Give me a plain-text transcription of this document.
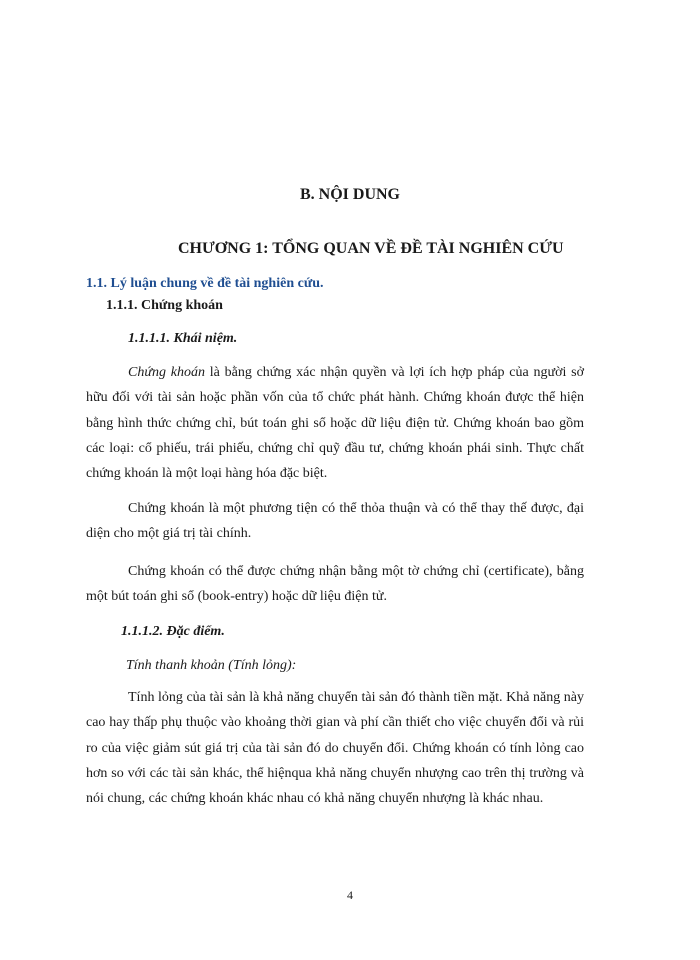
B. NỘI DUNG
CHƯƠNG 1: TỔNG QUAN VỀ ĐỀ TÀI NGHIÊN CỨU
1.1. Lý luận chung về đề tài nghiên cứu.
1.1.1. Chứng khoán
1.1.1.1. Khái niệm.
Chứng khoán là bằng chứng xác nhận quyền và lợi ích hợp pháp của người sở hữu đối với tài sản hoặc phần vốn của tổ chức phát hành. Chứng khoán được thể hiện bằng hình thức chứng chỉ, bút toán ghi sổ hoặc dữ liệu điện tử. Chứng khoán bao gồm các loại: cổ phiếu, trái phiếu, chứng chỉ quỹ đầu tư, chứng khoán phái sinh. Thực chất chứng khoán là một loại hàng hóa đặc biệt.
Chứng khoán là một phương tiện có thể thỏa thuận và có thể thay thế được, đại diện cho một giá trị tài chính.
Chứng khoán có thể được chứng nhận bằng một tờ chứng chỉ (certificate), bằng một bút toán ghi sổ (book-entry) hoặc dữ liệu điện tử.
1.1.1.2. Đặc điểm.
Tính thanh khoản (Tính lỏng):
Tính lỏng của tài sản là khả năng chuyển tài sản đó thành tiền mặt. Khả năng này cao hay thấp phụ thuộc vào khoảng thời gian và phí cần thiết cho việc chuyển đổi và rủi ro của việc giảm sút giá trị của tài sản đó do chuyển đổi. Chứng khoán có tính lỏng cao hơn so với các tài sản khác, thể hiệnqua khả năng chuyển nhượng cao trên thị trường và nói chung, các chứng khoán khác nhau có khả năng chuyển nhượng là khác nhau.
4
